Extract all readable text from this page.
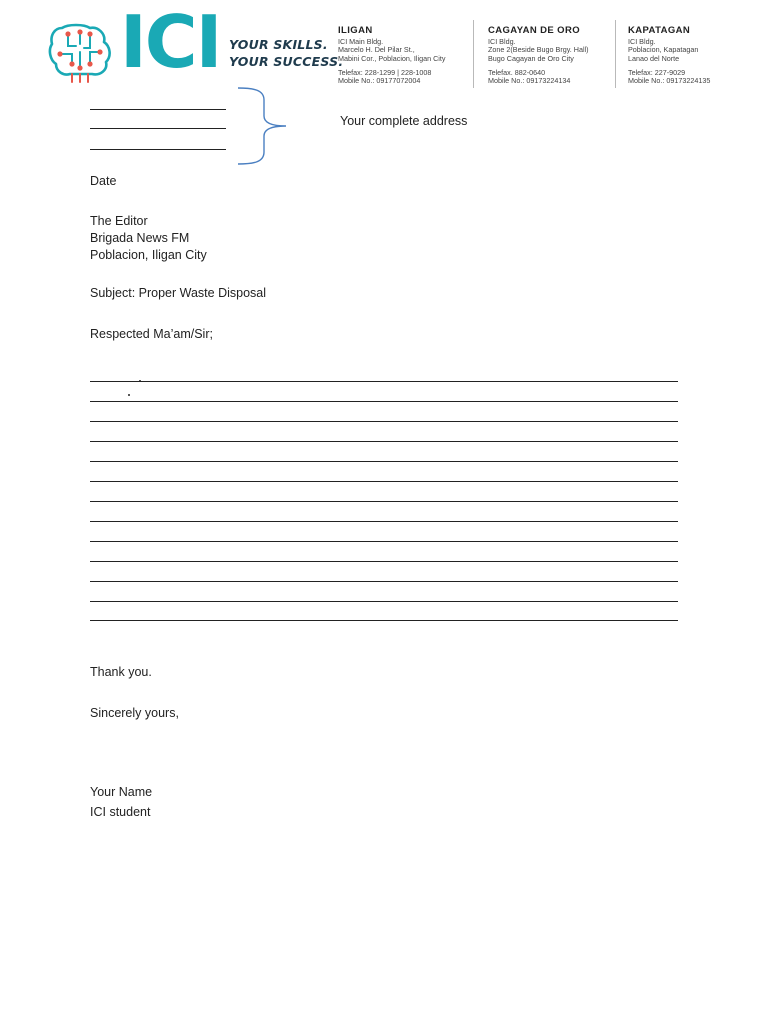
ICI YOUR SKILLS.
YOUR SUCCESS.
ILIGAN
ICI Main Bldg.
Marcelo H. Del Pilar St.,
Mabini Cor., Poblacion, Iligan City
Telefax: 228-1299 | 228-1008
Mobile No.: 09177072004
CAGAYAN DE ORO
ICI Bldg.
Zone 2(Beside Bugo Brgy. Hall)
Bugo Cagayan de Oro City
Telefax. 882-0640
Mobile No.: 09173224134
KAPATAGAN
ICI Bldg.
Poblacion, Kapatagan
Lanao del Norte
Telefax: 227-9029
Mobile No.: 09173224135
Your complete address
Date
The Editor
Brigada News FM
Poblacion, Iligan City
Subject: Proper Waste Disposal
Respected Ma’am/Sir;
Thank you.
Sincerely yours,
Your Name
ICI student
